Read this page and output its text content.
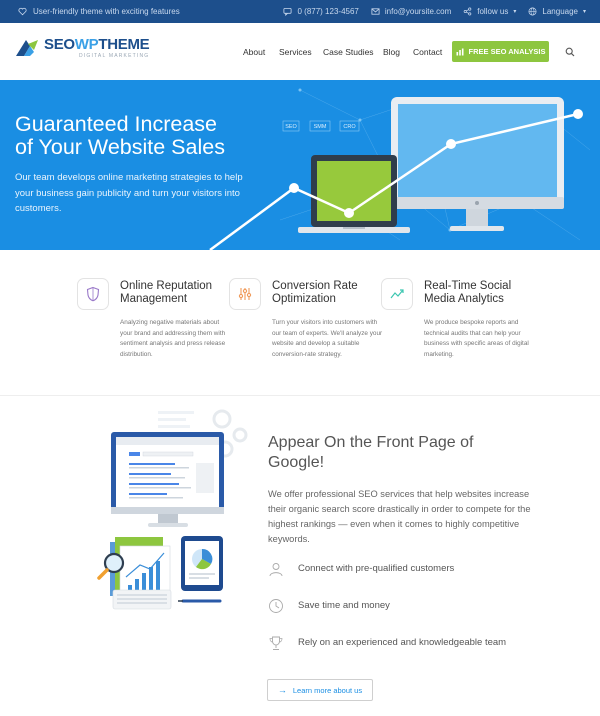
User-friendly theme with exciting features	0 (877) 123-4567	info@yoursite.com	follow us ▾	Language ▾
SEOWPTHEME
DIGITAL MARKETING	About Services Case Studies Blog Contact	FREE SEO ANALYSIS
SEO	SMM	CRO
Guaranteed Increase
of Your Website Sales

Our team develops online marketing strategies to help your business gain publicity and turn your visitors into customers.

Online Reputation Management
Analyzing negative materials about your brand and addressing them with sentiment analysis and press release distribution.
Conversion Rate Optimization
Turn your visitors into customers with our team of experts. We'll analyze your website and develop a suitable conversion-rate strategy.
Real-Time Social Media Analytics
We produce bespoke reports and technical audits that can help your business with specific areas of digital marketing.
Appear On the Front Page of Google!

We offer professional SEO services that help websites increase their organic search score drastically in order to compete for the highest rankings — even when it comes to highly competitive keywords.

Connect with pre-qualified customers
Save time and money
Rely on an experienced and knowledgeable team
→ Learn more about us
